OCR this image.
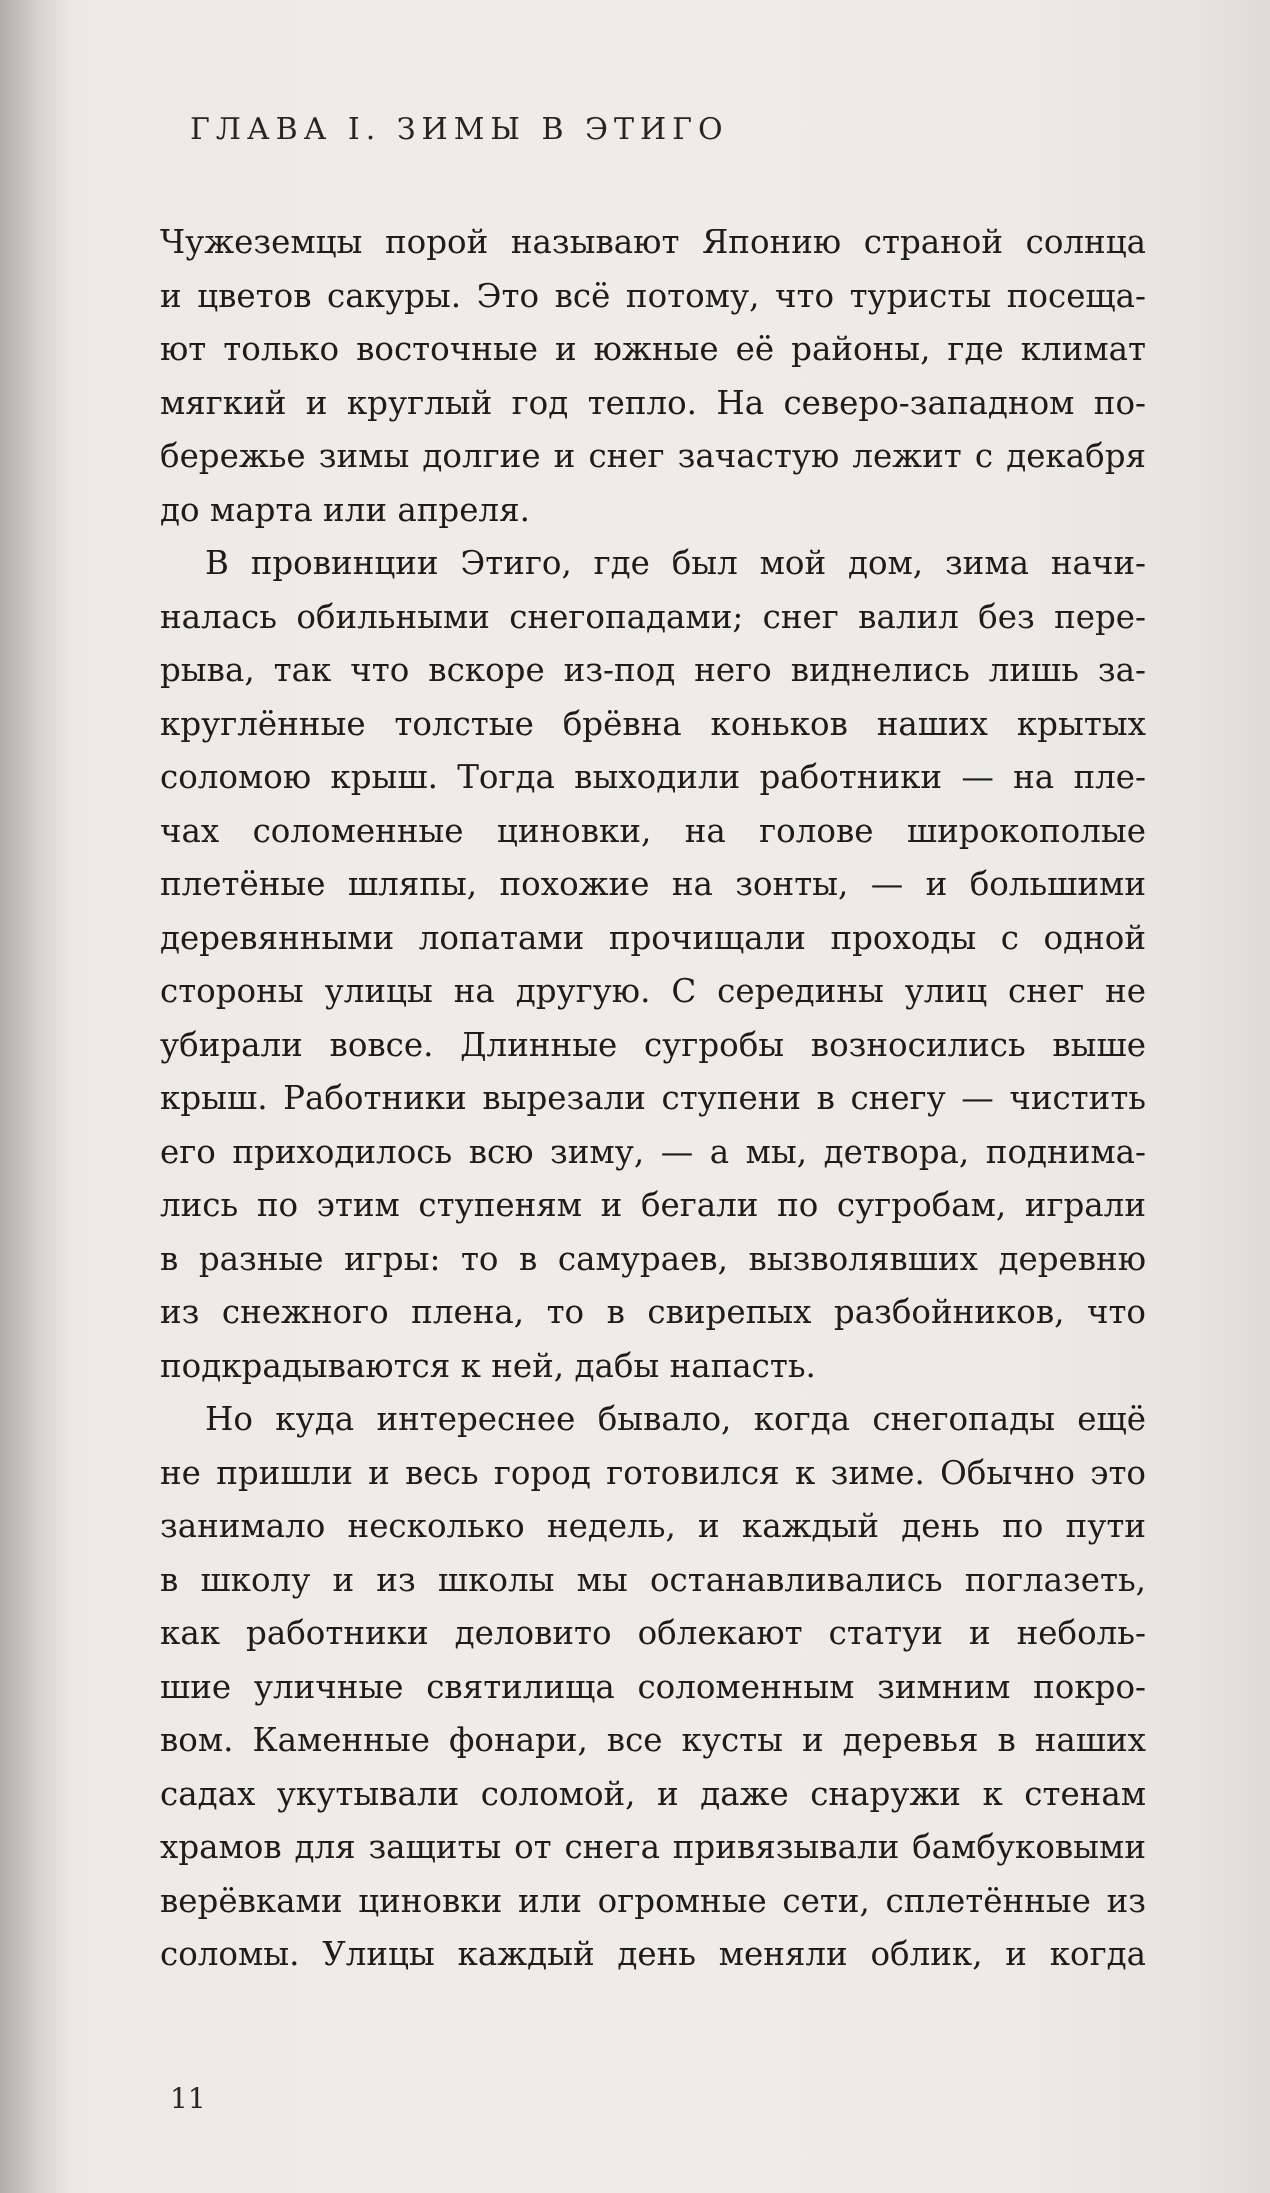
ГЛАВА I. ЗИМЫ В ЭТИГО

Чужеземцы порой называют Японию страной солнца
и цветов сакуры. Это всё потому, что туристы посеща-
ют только восточные и южные её районы, где климат
мягкий и круглый год тепло. На северо-западном по-
бережье зимы долгие и снег зачастую лежит с декабря
до марта или апреля.

В провинции Этиго, где был мой дом, зима начи-
налась обильными снегопадами; снег валил без пере-
рыва, так что вскоре из-под него виднелись лишь за-
круглённые толстые брёвна коньков наших крытых
соломою крыш. Тогда выходили работники — на пле-
чах соломенные циновки, на голове широкополые
плетёные шляпы, похожие на зонты, — и большими
деревянными лопатами прочищали проходы с одной
стороны улицы на другую. С середины улиц снег не
убирали вовсе. Длинные сугробы возносились выше
крыш. Работники вырезали ступени в снегу — чистить
его приходилось всю зиму, — а мы, детвора, поднима-
лись по этим ступеням и бегали по сугробам, играли
в разные игры: то в самураев, вызволявших деревню
из снежного плена, то в свирепых разбойников, что
подкрадываются к ней, дабы напасть.

Но куда интереснее бывало, когда снегопады ещё
не пришли и весь город готовился к зиме. Обычно это
занимало несколько недель, и каждый день по пути
в школу и из школы мы останавливались поглазеть,
как работники деловито облекают статуи и неболь-
шие уличные святилища соломенным зимним покро-
вом. Каменные фонари, все кусты и деревья в наших
садах укутывали соломой, и даже снаружи к стенам
храмов для защиты от снега привязывали бамбуковыми
верёвками циновки или огромные сети, сплетённые из
соломы. Улицы каждый день меняли облик, и когда

11
